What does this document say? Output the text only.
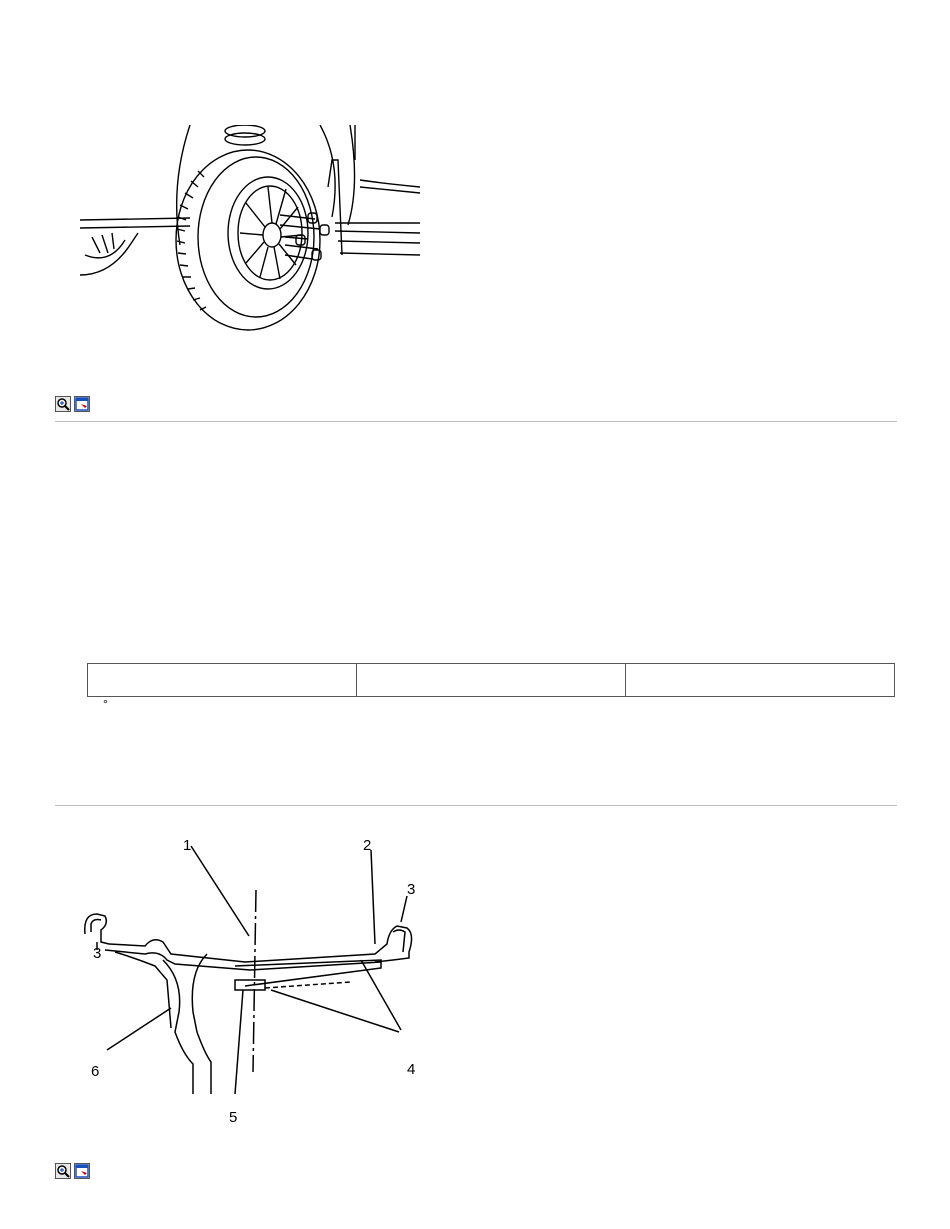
°
1	2
3
3
4
5
6
